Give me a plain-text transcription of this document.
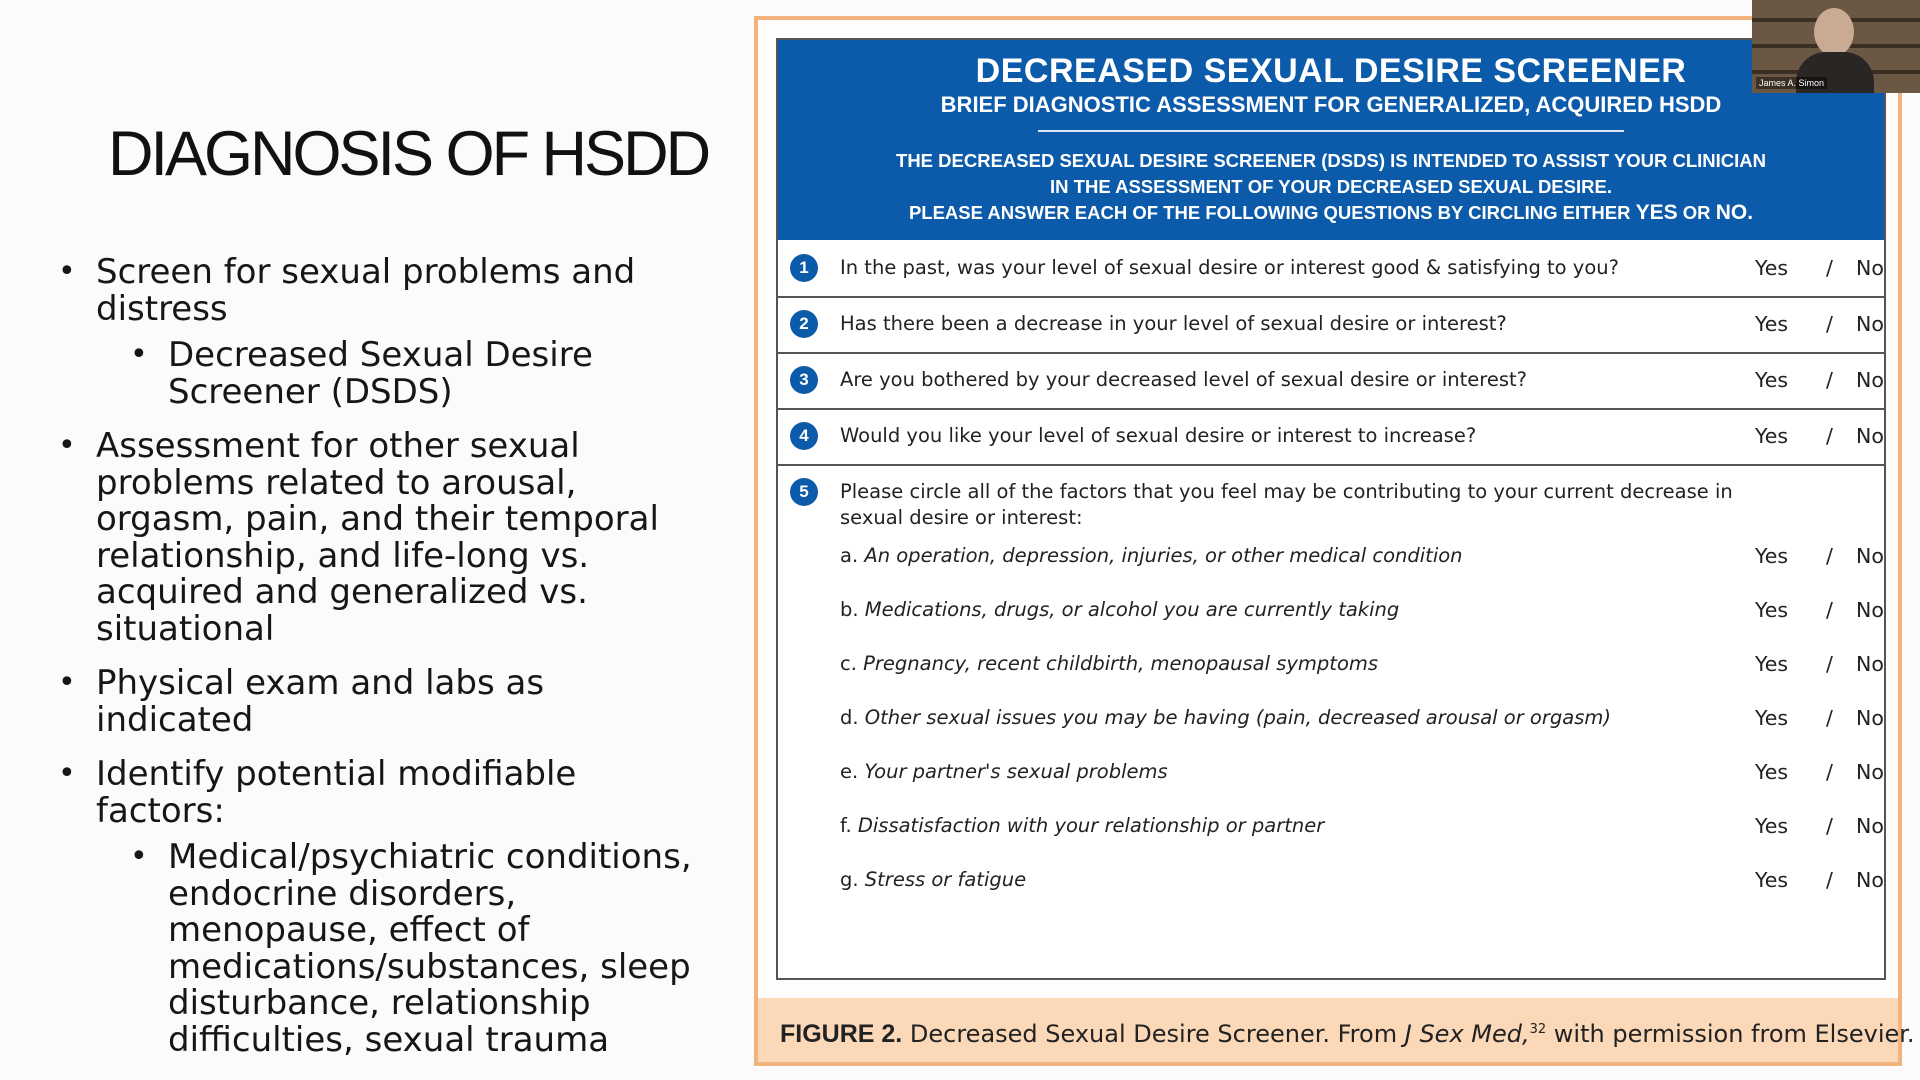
DIAGNOSIS OF HSDD
• Screen for sexual problems and distress
• Decreased Sexual Desire Screener (DSDS)
• Assessment for other sexual problems related to arousal, orgasm, pain, and their temporal relationship, and life-long vs. acquired and generalized vs. situational
• Physical exam and labs as indicated
• Identify potential modifiable factors:
• Medical/psychiatric conditions, endocrine disorders, menopause, effect of medications/substances, sleep disturbance, relationship difficulties, sexual trauma
DECREASED SEXUAL DESIRE SCREENER
BRIEF DIAGNOSTIC ASSESSMENT FOR GENERALIZED, ACQUIRED HSDD
THE DECREASED SEXUAL DESIRE SCREENER (DSDS) IS INTENDED TO ASSIST YOUR CLINICIAN
IN THE ASSESSMENT OF YOUR DECREASED SEXUAL DESIRE.
PLEASE ANSWER EACH OF THE FOLLOWING QUESTIONS BY CIRCLING EITHER YES OR NO.
1	In the past, was your level of sexual desire or interest good & satisfying to you?	Yes / No
2	Has there been a decrease in your level of sexual desire or interest?	Yes / No
3	Are you bothered by your decreased level of sexual desire or interest?	Yes / No
4	Would you like your level of sexual desire or interest to increase?	Yes / No
5	Please circle all of the factors that you feel may be contributing to your current decrease in
sexual desire or interest:
a. An operation, depression, injuries, or other medical condition	Yes / No
b. Medications, drugs, or alcohol you are currently taking	Yes / No
c. Pregnancy, recent childbirth, menopausal symptoms	Yes / No
d. Other sexual issues you may be having (pain, decreased arousal or orgasm)	Yes / No
e. Your partner's sexual problems	Yes / No
f. Dissatisfaction with your relationship or partner	Yes / No
g. Stress or fatigue	Yes / No
FIGURE 2. Decreased Sexual Desire Screener. From J Sex Med,$^{32}$ with permission from Elsevier.
James A. Simon
